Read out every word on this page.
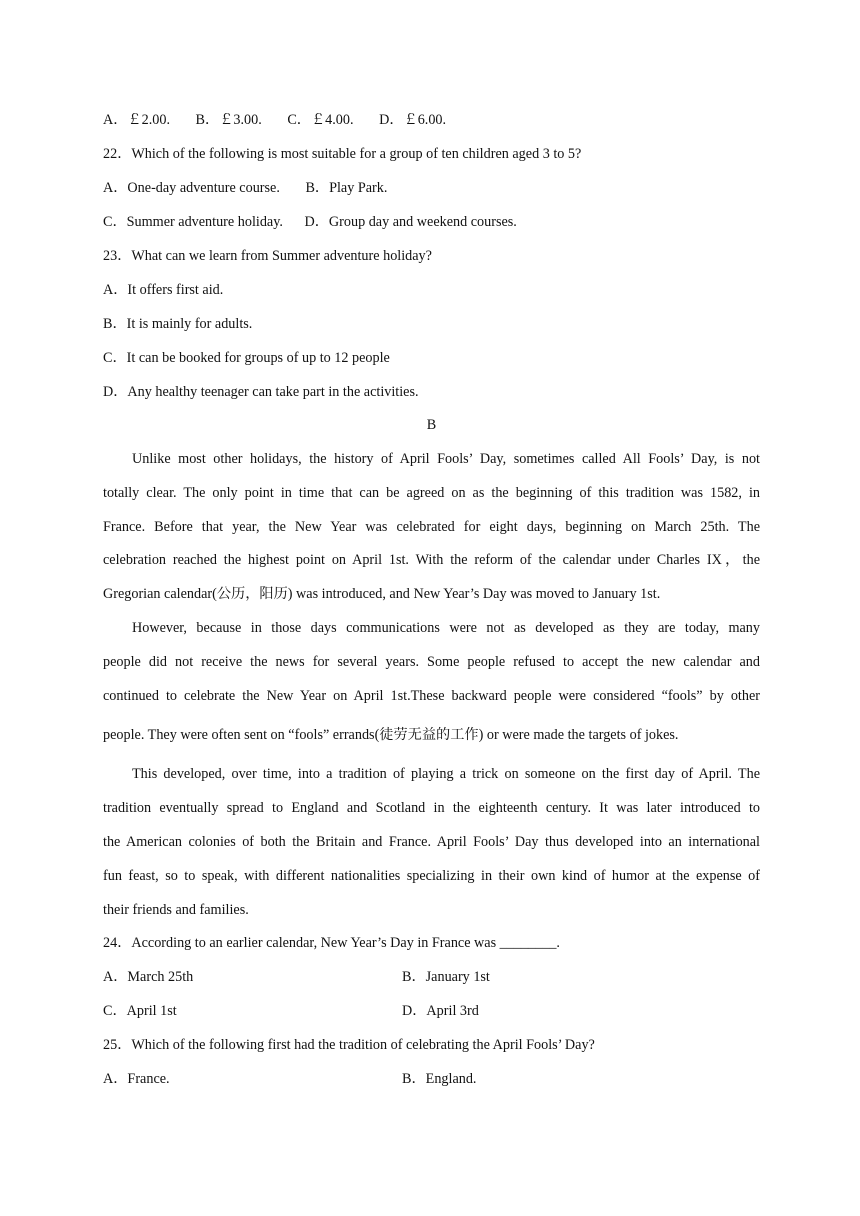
A．￡2.00. B．￡3.00. C．￡4.00. D．￡6.00.
22．Which of the following is most suitable for a group of ten children aged 3 to 5?
A．One-day adventure course. B．Play Park.
C．Summer adventure holiday. D．Group day and weekend courses.
23．What can we learn from Summer adventure holiday?
A．It offers first aid.
B．It is mainly for adults.
C．It can be booked for groups of up to 12 people
D．Any healthy teenager can take part in the activities.
B
Unlike most other holidays, the history of April Fools’ Day, sometimes called All Fools’ Day, is not
totally clear. The only point in time that can be agreed on as the beginning of this tradition was 1582, in
France. Before that year, the New Year was celebrated for eight days, beginning on March 25th. The
celebration reached the highest point on April 1st. With the reform of the calendar under Charles IX，the
Gregorian calendar(公历，阳历) was introduced, and New Year’s Day was moved to January 1st.
However, because in those days communications were not as developed as they are today, many
people did not receive the news for several years. Some people refused to accept the new calendar and
continued to celebrate the New Year on April 1st.These backward people were considered “fools” by other
people. They were often sent on “fools” errands(徒劳无益的工作) or were made the targets of jokes.
This developed, over time, into a tradition of playing a trick on someone on the first day of April. The
tradition eventually spread to England and Scotland in the eighteenth century. It was later introduced to
the American colonies of both the Britain and France. April Fools’ Day thus developed into an international
fun feast, so to speak, with different nationalities specializing in their own kind of humor at the expense of
their friends and families.
24．According to an earlier calendar, New Year’s Day in France was ________.
A．March 25th	B．January 1st
C．April 1st	D．April 3rd
25．Which of the following first had the tradition of celebrating the April Fools’ Day?
A．France.	B．England.
